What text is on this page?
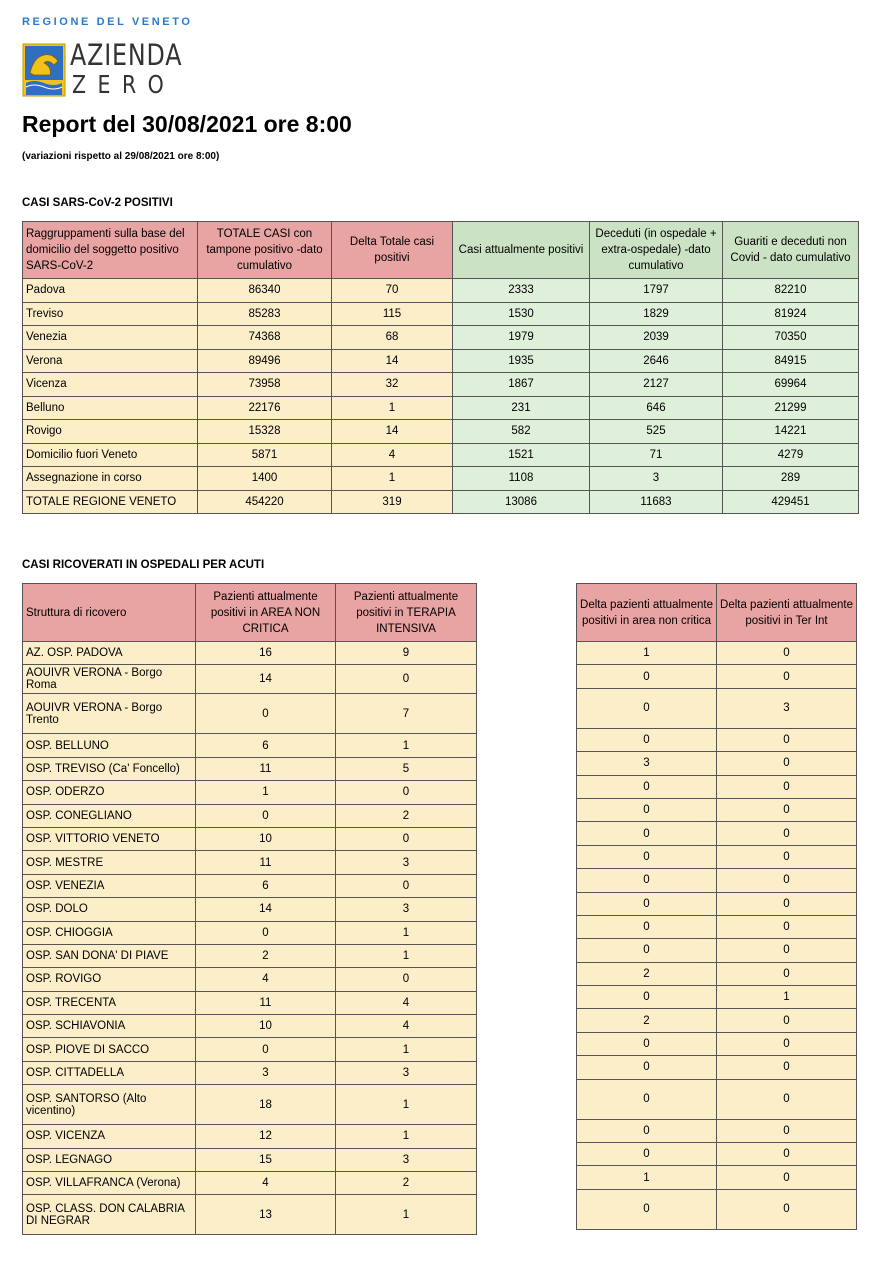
REGIONE DEL VENETO
AZIENDA
ZERO
Report del 30/08/2021 ore 8:00
(variazioni rispetto al 29/08/2021 ore 8:00)
CASI SARS-CoV-2 POSITIVI
Raggruppamenti sulla base del domicilio del soggetto positivo SARS-CoV-2	TOTALE CASI con tampone positivo -dato cumulativo	Delta Totale casi positivi	Casi attualmente positivi	Deceduti (in ospedale + extra-ospedale) -dato cumulativo	Guariti e deceduti non Covid - dato cumulativo
Padova	86340	70	2333	1797	82210
Treviso	85283	115	1530	1829	81924
Venezia	74368	68	1979	2039	70350
Verona	89496	14	1935	2646	84915
Vicenza	73958	32	1867	2127	69964
Belluno	22176	1	231	646	21299
Rovigo	15328	14	582	525	14221
Domicilio fuori Veneto	5871	4	1521	71	4279
Assegnazione in corso	1400	1	1108	3	289
TOTALE REGIONE VENETO	454220	319	13086	11683	429451
CASI RICOVERATI IN OSPEDALI PER ACUTI
Struttura di ricovero	Pazienti attualmente positivi in AREA NON CRITICA	Pazienti attualmente positivi in TERAPIA INTENSIVA
AZ. OSP. PADOVA	16	9
AOUIVR VERONA - Borgo Roma	14	0
AOUIVR VERONA - Borgo Trento	0	7
OSP. BELLUNO	6	1
OSP. TREVISO (Ca' Foncello)	11	5
OSP. ODERZO	1	0
OSP. CONEGLIANO	0	2
OSP. VITTORIO VENETO	10	0
OSP. MESTRE	11	3
OSP. VENEZIA	6	0
OSP. DOLO	14	3
OSP. CHIOGGIA	0	1
OSP. SAN DONA' DI PIAVE	2	1
OSP. ROVIGO	4	0
OSP. TRECENTA	11	4
OSP. SCHIAVONIA	10	4
OSP. PIOVE DI SACCO	0	1
OSP. CITTADELLA	3	3
OSP. SANTORSO (Alto vicentino)	18	1
OSP. VICENZA	12	1
OSP. LEGNAGO	15	3
OSP. VILLAFRANCA (Verona)	4	2
OSP. CLASS. DON CALABRIA DI NEGRAR	13	1
Delta pazienti attualmente positivi in area non critica	Delta pazienti attualmente positivi in Ter Int
1	0
0	0
0	3
0	0
3	0
0	0
0	0
0	0
0	0
0	0
0	0
0	0
0	0
2	0
0	1
2	0
0	0
0	0
0	0
0	0
0	0
1	0
0	0
